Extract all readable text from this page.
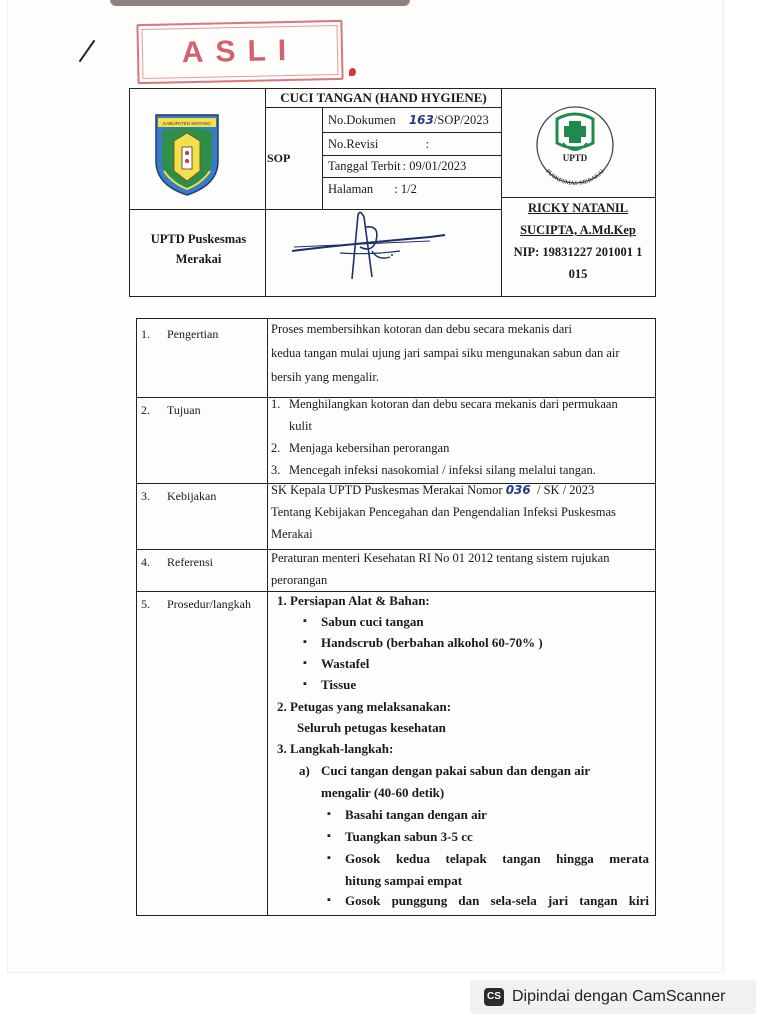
ASLI
KABUPATEN SINTANG
CUCI TANGAN (HAND HYGIENE)
SOP
No.Dokumen 163/SOP/2023
No.Revisi	:
Tanggal Terbit : 09/01/2023
Halaman : 1/2
UPTD Puskesmas
Merakai
UPTD
PUSKESMAS MERAKAI
RICKY NATANIL
SUCIPTA, A.Md.Kep
NIP: 19831227 201001 1
015
1.	Pengertian	Proses membersihkan kotoran dan debu secara mekanis dari
kedua tangan mulai ujung jari sampai siku mengunakan sabun dan air
bersih yang mengalir.
2.	Tujuan	1. Menghilangkan kotoran dan debu secara mekanis dari permukaan
kulit
2. Menjaga kebersihan perorangan
3. Mencegah infeksi nasokomial / infeksi silang melalui tangan.
3.	Kebijakan	SK Kepala UPTD Puskesmas Merakai Nomor 036 / SK / 2023
Tentang Kebijakan Pencegahan dan Pengendalian Infeksi Puskesmas
Merakai
4.	Referensi	Peraturan menteri Kesehatan RI No 01 2012 tentang sistem rujukan
perorangan
5.	Prosedur/langkah 1. Persiapan Alat & Bahan:
▪ Sabun cuci tangan
▪ Handscrub (berbahan alkohol 60-70% )
▪ Wastafel
▪ Tissue
2. Petugas yang melaksanakan:
Seluruh petugas kesehatan
3. Langkah-langkah:
a) Cuci tangan dengan pakai sabun dan dengan air
mengalir (40-60 detik)
▪ Basahi tangan dengan air
▪ Tuangkan sabun 3-5 cc
▪ Gosok kedua telapak tangan hingga merata
hitung sampai empat
▪ Gosok punggung dan sela-sela jari tangan kiri
CS Dipindai dengan CamScanner
